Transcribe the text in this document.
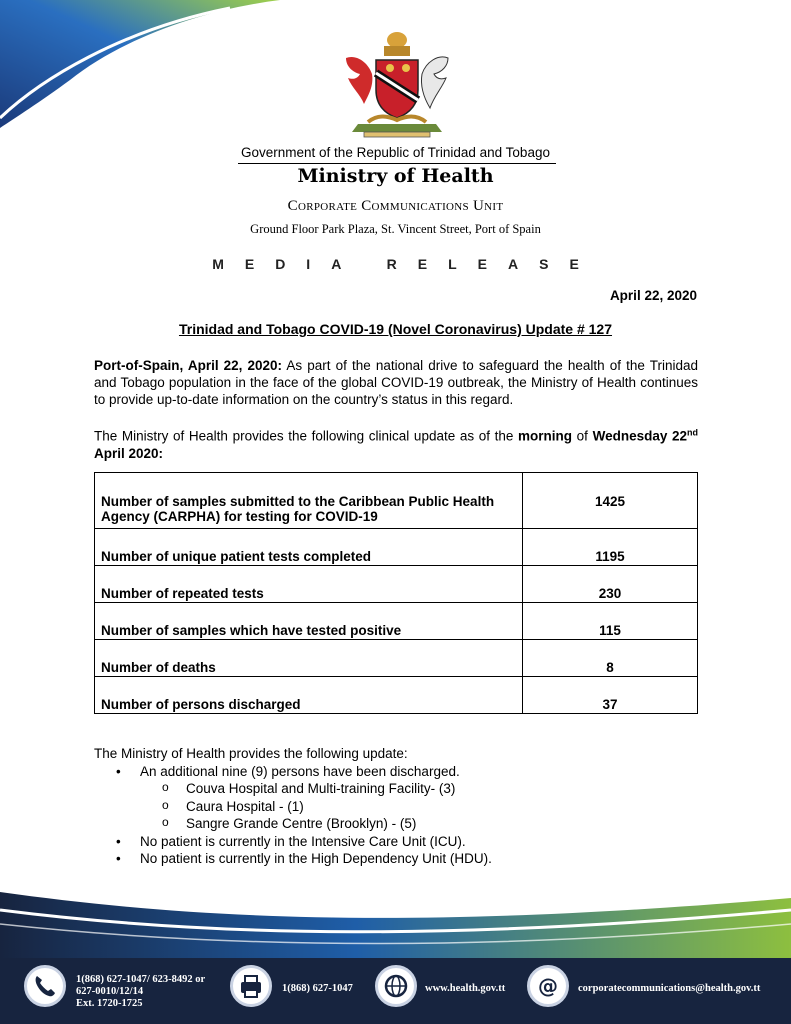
Government of the Republic of Trinidad and Tobago
Ministry of Health
Corporate Communications Unit
Ground Floor Park Plaza, St. Vincent Street, Port of Spain
MEDIA RELEASE
April 22, 2020
Trinidad and Tobago COVID-19 (Novel Coronavirus) Update # 127
Port-of-Spain, April 22, 2020: As part of the national drive to safeguard the health of the Trinidad and Tobago population in the face of the global COVID-19 outbreak, the Ministry of Health continues to provide up-to-date information on the country’s status in this regard.
The Ministry of Health provides the following clinical update as of the morning of Wednesday 22nd April 2020:
Number of samples submitted to the Caribbean Public Health Agency (CARPHA) for testing for COVID-19	1425
Number of unique patient tests completed	1195
Number of repeated tests	230
Number of samples which have tested positive	115
Number of deaths	8
Number of persons discharged	37
The Ministry of Health provides the following update:
• An additional nine (9) persons have been discharged.
o Couva Hospital and Multi-training Facility- (3)
o Caura Hospital - (1)
o Sangre Grande Centre (Brooklyn) - (5)
• No patient is currently in the Intensive Care Unit (ICU).
• No patient is currently in the High Dependency Unit (HDU).
1(868) 627-1047/ 623-8492 or
627-0010/12/14
Ext. 1720-1725
1(868) 627-1047	www.health.gov.tt @ corporatecommunications@health.gov.tt
